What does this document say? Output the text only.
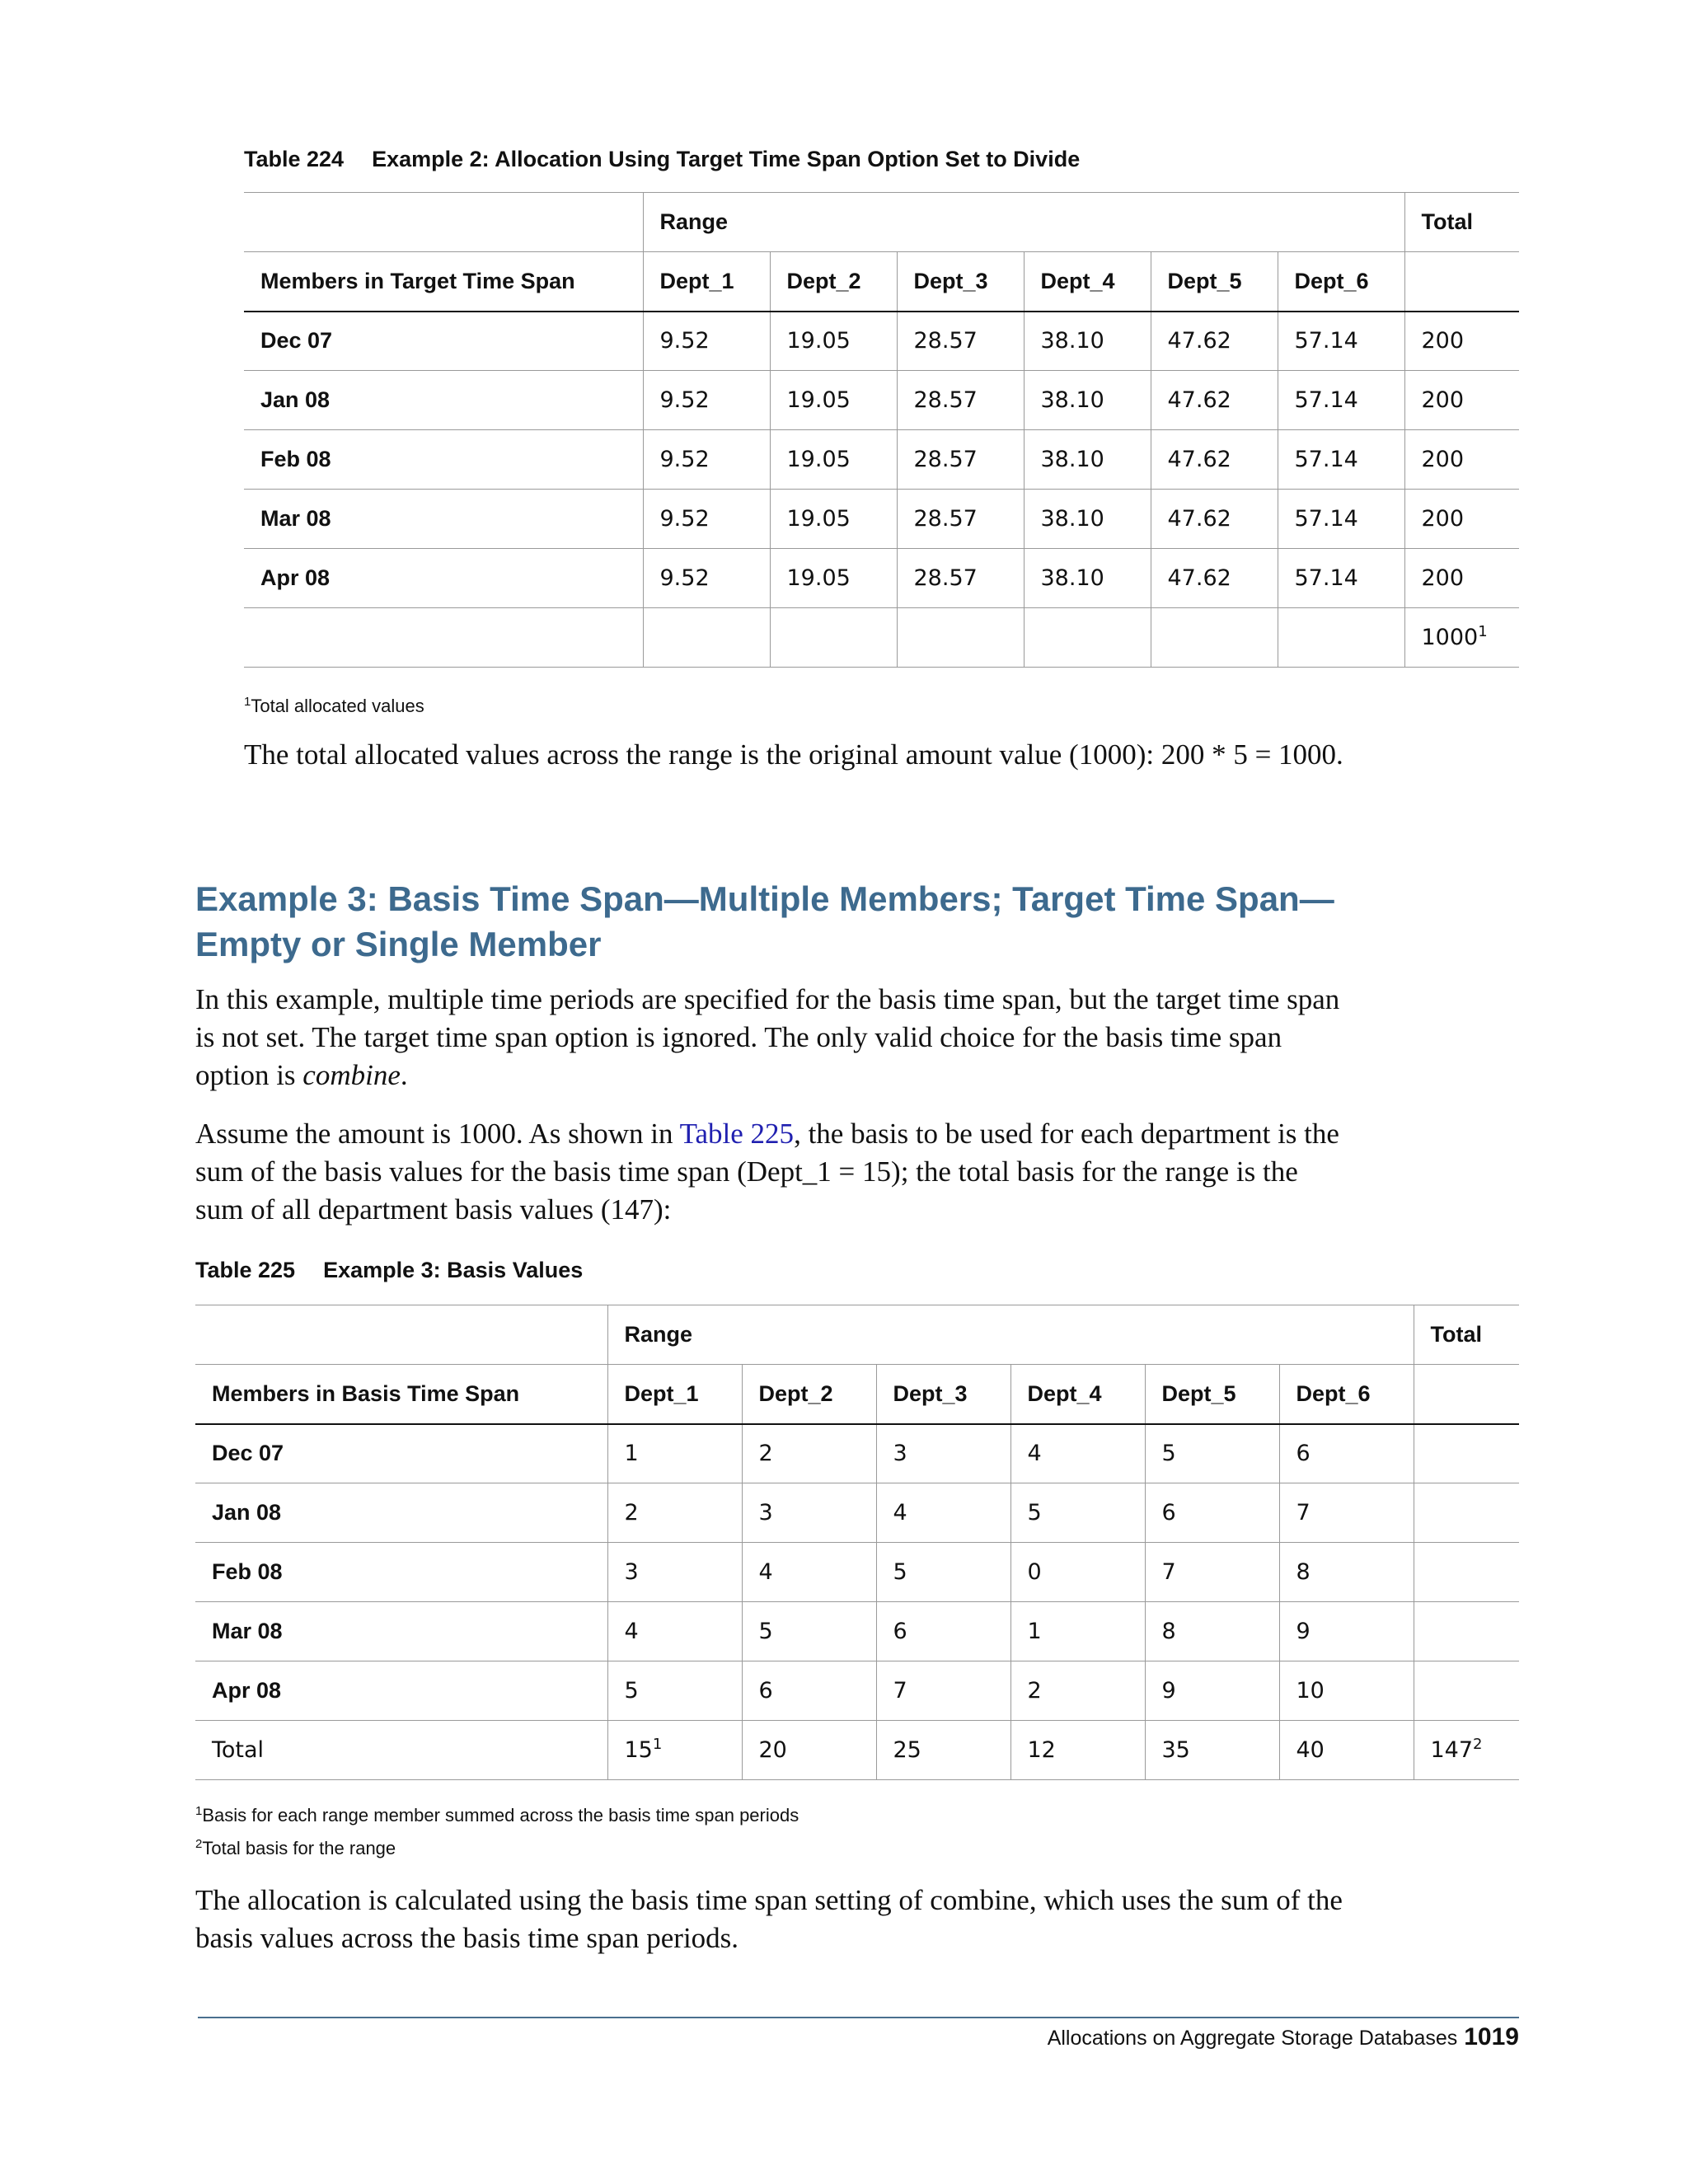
Table 224 Example 2: Allocation Using Target Time Span Option Set to Divide
	Range						Total
Members in Target Time Span	Dept_1	Dept_2	Dept_3	Dept_4	Dept_5	Dept_6	
Dec 07	9.52	19.05	28.57	38.10	47.62	57.14	200
Jan 08	9.52	19.05	28.57	38.10	47.62	57.14	200
Feb 08	9.52	19.05	28.57	38.10	47.62	57.14	200
Mar 08	9.52	19.05	28.57	38.10	47.62	57.14	200
Apr 08	9.52	19.05	28.57	38.10	47.62	57.14	200
							1000$^1$
$^1$Total allocated values

The total allocated values across the range is the original amount value (1000): 200 * 5 = 1000.

Example 3: Basis Time Span—Multiple Members; Target Time Span—Empty or Single Member

In this example, multiple time periods are specified for the basis time span, but the target time span is not set. The target time span option is ignored. The only valid choice for the basis time span option is combine.

Assume the amount is 1000. As shown in Table 225, the basis to be used for each department is the sum of the basis values for the basis time span (Dept_1 = 15); the total basis for the range is the sum of all department basis values (147):

Table 225 Example 3: Basis Values
	Range						Total
Members in Basis Time Span	Dept_1	Dept_2	Dept_3	Dept_4	Dept_5	Dept_6	
Dec 07	1	2	3	4	5	6	
Jan 08	2	3	4	5	6	7	
Feb 08	3	4	5	0	7	8	
Mar 08	4	5	6	1	8	9	
Apr 08	5	6	7	2	9	10	
Total	$15^1$	20	25	12	35	40	$147^2$
$^1$Basis for each range member summed across the basis time span periods
$^2$Total basis for the range

The allocation is calculated using the basis time span setting of combine, which uses the sum of the basis values across the basis time span periods.

Allocations on Aggregate Storage Databases 1019
